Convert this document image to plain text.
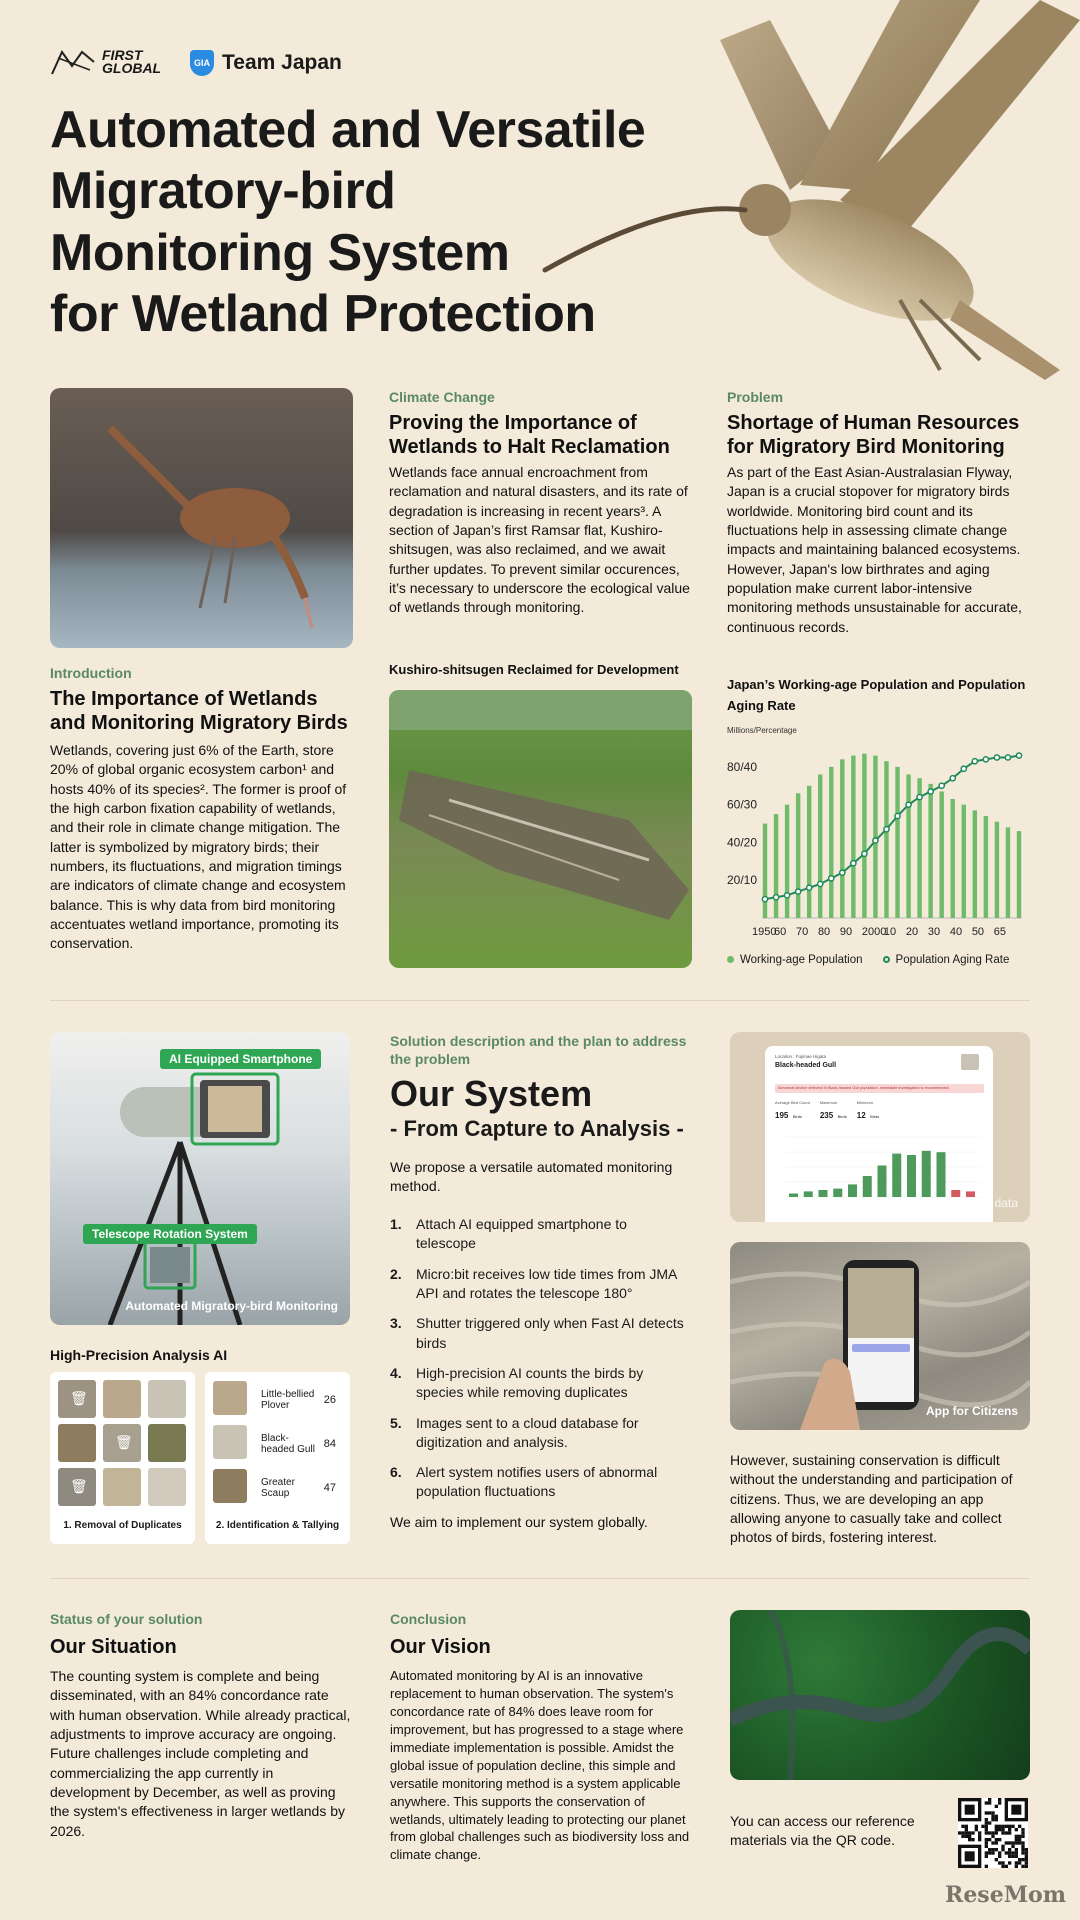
FIRST GLOBAL	GIA Team Japan
Automated and Versatile
Migratory-bird
Monitoring System
for Wetland Protection
Introduction
The Importance of Wetlands and Monitoring Migratory Birds
Wetlands, covering just 6% of the Earth, store 20% of global organic ecosystem carbon¹ and hosts 40% of its species². The former is proof of the high carbon fixation capability of wetlands, and their role in climate change mitigation. The latter is symbolized by migratory birds; their numbers, its fluctuations, and migration timings are indicators of climate change and ecosystem balance. This is why data from bird monitoring accentuates wetland importance, promoting its conservation.
Climate Change
Proving the Importance of Wetlands to Halt Reclamation
Wetlands face annual encroachment from reclamation and natural disasters, and its rate of degradation is increasing in recent years³. A section of Japan’s first Ramsar flat, Kushiro-shitsugen, was also reclaimed, and we await further updates. To prevent similar occurences, it’s necessary to underscore the ecological value of wetlands through monitoring.
Kushiro-shitsugen Reclaimed for Development
Problem
Shortage of Human Resources for Migratory Bird Monitoring
As part of the East Asian-Australasian Flyway, Japan is a crucial stopover for migratory birds worldwide. Monitoring bird count and its fluctuations help in assessing climate change impacts and maintaining balanced ecosystems. However, Japan's low birthrates and aging population make current labor-intensive monitoring methods unsustainable for accurate, continuous records.
Japan’s Working-age Population and Population Aging Rate
Millions/Percentage
20/10
40/20
60/30
80/40
1950
60 70 80 90 2000
10 20 30 40 50 65
Working-age Population	Population Aging Rate
AI Equipped Smartphone
Telescope Rotation System
Automated Migratory-bird Monitoring
High-Precision Analysis AI
🗑
🗑
🗑
1. Removal of Duplicates
Little-bellied Plover	26
Black-headed Gull 84
Greater Scaup	47
2. Identification & Tallying
Solution description and the plan to address the problem
Our System
- From Capture to Analysis -
We propose a versatile automated monitoring method.
1. Attach AI equipped smartphone to telescope
2. Micro:bit receives low tide times from JMA API and rotates the telescope 180°
3. Shutter triggered only when Fast AI detects birds
4. High-precision AI counts the birds by species while removing duplicates
5. Images sent to a cloud database for digitization and analysis.
6. Alert system notifies users of abnormal population fluctuations
We aim to implement our system globally.
Location : Fujimae Higata
Black-headed Gull
Abnormal decline detected in Black-headed Gull population. Immediate investigation is recommended.
Average Bird Count
195 Birds
Maximum
235 Birds
Minimum
12 Birds
Sample data
App for Citizens
However, sustaining conservation is difficult without the understanding and participation of citizens. Thus, we are developing an app allowing anyone to casually take and collect photos of birds, fostering interest.
Status of your solution
Our Situation
The counting system is complete and being disseminated, with an 84% concordance rate with human observation. While already practical, adjustments to improve accuracy are ongoing.
Future challenges include completing and commercializing the app currently in development by December, as well as proving the system's effectiveness in larger wetlands by 2026.
Conclusion
Our Vision
Automated monitoring by AI is an innovative replacement to human observation. The system's concordance rate of 84% does leave room for improvement, but has progressed to a stage where immediate implementation is possible. Amidst the global issue of population decline, this simple and versatile monitoring method is a system applicable anywhere. This supports the conservation of wetlands, ultimately leading to protecting our planet from global challenges such as biodiversity loss and climate change.
You can access our reference materials via the QR code.
ReseMom
